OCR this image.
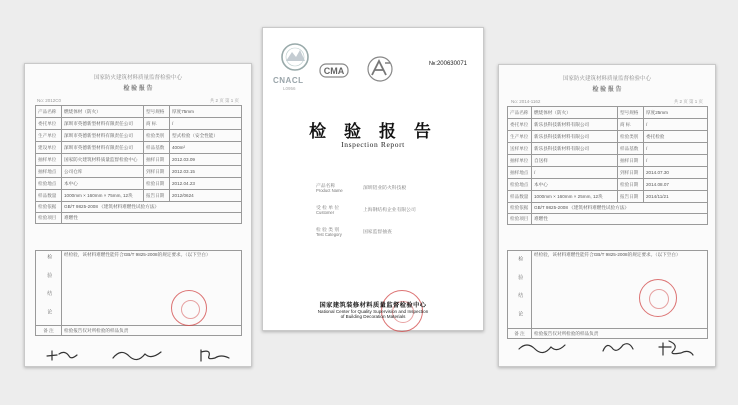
国家防火建筑材料质量监督检验中心
检 验 报 告
No: 2012C0	共 2 页 第 1 页
产品名称	燃烧体材（防火）	型号规格	厚度75mm
委托单位	深圳市英德新型材料有限责任公司	商 标	/
生产单位	深圳市英德新型材料有限责任公司	检验类别	型式检验（安全性能）
建设单位	深圳市英德新型材料有限责任公司	样品基数	400m²
抽样单位	国家防火建筑材料质量监督检验中心	抽样日期	2012.03.09
抽样地点	公司仓库	到样日期	2012.03.15
检验地点	本中心	检验日期	2012.04.23
样品数量	1000mm × 160mm × 75mm, 12块	报告日期	2012/0624
检验依据	GB/T 9825-2008 《建筑材料难燃性试验方法》		
检验项目	难燃性		
检 验 结 论	经检验，该材料难燃性能符合GB/T 9825-2008的规定要求。（以下空白）
备 注	检验报告仅对所检验的样品负责
CNACL
L0956
CMA
№:200630071
检 验 报 告
Inspection Report
产品名称
Product Name	深圳铝业防火科技板
受 检 单 位
Customer	上海钢结构企业有限公司
检 验 类 别
Test Category	国家监督抽查
国家建筑装修材料质量监督检验中心
National Center for Quality Supervision and Inspection
of Building Decoration Materials
国家防火建筑材料质量监督检验中心
检 验 报 告
No: 2014-1162	共 2 页 第 1 页
产品名称	燃烧体材（防火）	型号规格	厚度25mm
委托单位	新乐县科技新材料有限公司	商 标	/
生产单位	新乐县科技新材料有限公司	检验类别	委托检验
送样单位	新乐县科技新材料有限公司	样品基数	/
抽样单位	自送样	抽样日期	/
抽样地点	/	到样日期	2014.07.30
检验地点	本中心	检验日期	2014.08.07
样品数量	1000mm × 160mm × 25mm, 12块	报告日期	2014/11/21
检验依据	GB/T 9825-2008 《建筑材料难燃性试验方法》		
检验项目	难燃性		
检 验 结 论	经检验，该材料难燃性能符合GB/T 9825-2008的规定要求。（以下空白）
备 注	检验报告仅对所检验的样品负责
